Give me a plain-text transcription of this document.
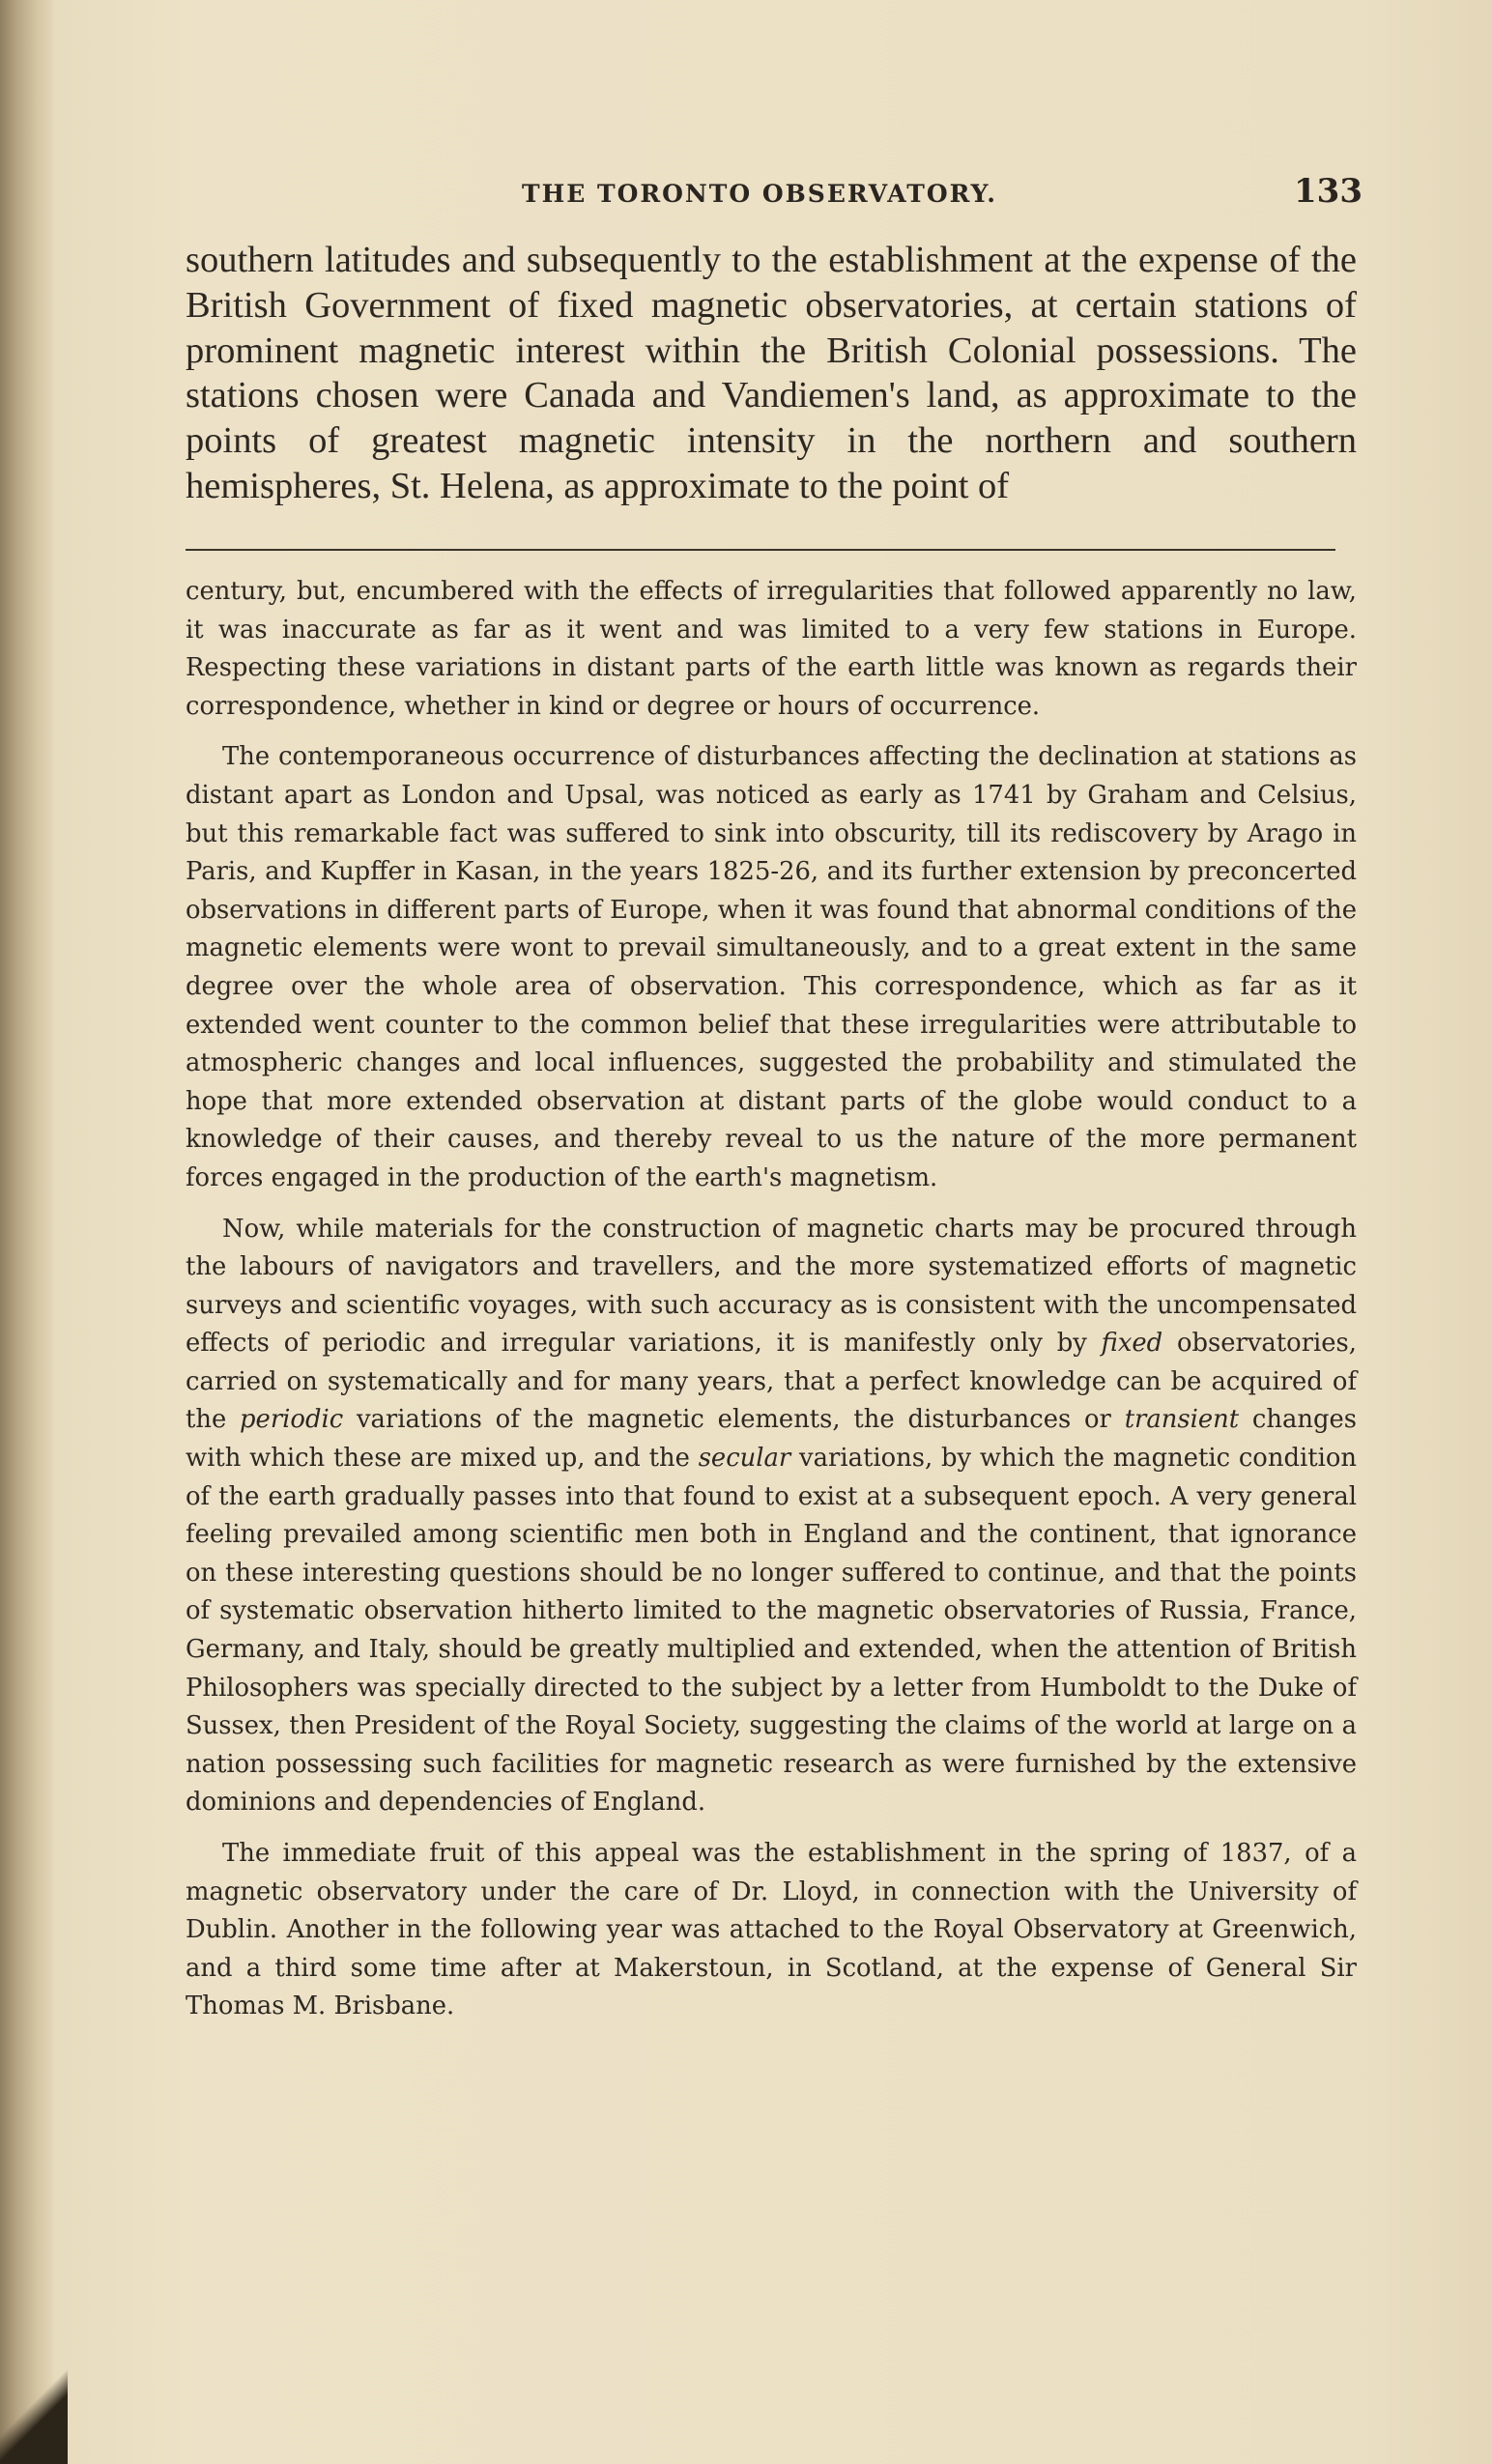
THE TORONTO OBSERVATORY.	133

southern latitudes and subsequently to the establishment at the expense of the British Government of fixed magnetic observatories, at certain stations of prominent magnetic interest within the British Colonial possessions. The stations chosen were Canada and Vandiemen's land, as approximate to the points of greatest magnetic intensity in the northern and southern hemispheres, St. Helena, as approximate to the point of

century, but, encumbered with the effects of irregularities that followed apparently no law, it was inaccurate as far as it went and was limited to a very few stations in Europe. Respecting these variations in distant parts of the earth little was known as regards their correspondence, whether in kind or degree or hours of occurrence.

The contemporaneous occurrence of disturbances affecting the declination at stations as distant apart as London and Upsal, was noticed as early as 1741 by Graham and Celsius, but this remarkable fact was suffered to sink into obscurity, till its rediscovery by Arago in Paris, and Kupffer in Kasan, in the years 1825-26, and its further extension by preconcerted observations in different parts of Europe, when it was found that abnormal conditions of the magnetic elements were wont to prevail simultaneously, and to a great extent in the same degree over the whole area of observation. This correspondence, which as far as it extended went counter to the common belief that these irregularities were attributable to atmospheric changes and local influences, suggested the probability and stimulated the hope that more extended observation at distant parts of the globe would conduct to a knowledge of their causes, and thereby reveal to us the nature of the more permanent forces engaged in the production of the earth's magnetism.

Now, while materials for the construction of magnetic charts may be procured through the labours of navigators and travellers, and the more systematized efforts of magnetic surveys and scientific voyages, with such accuracy as is consistent with the uncompensated effects of periodic and irregular variations, it is manifestly only by fixed observatories, carried on systematically and for many years, that a perfect knowledge can be acquired of the periodic variations of the magnetic elements, the disturbances or transient changes with which these are mixed up, and the secular variations, by which the magnetic condition of the earth gradually passes into that found to exist at a subsequent epoch. A very general feeling prevailed among scientific men both in England and the continent, that ignorance on these interesting questions should be no longer suffered to continue, and that the points of systematic observation hitherto limited to the magnetic observatories of Russia, France, Germany, and Italy, should be greatly multiplied and extended, when the attention of British Philosophers was specially directed to the subject by a letter from Humboldt to the Duke of Sussex, then President of the Royal Society, suggesting the claims of the world at large on a nation possessing such facilities for magnetic research as were furnished by the extensive dominions and dependencies of England.

The immediate fruit of this appeal was the establishment in the spring of 1837, of a magnetic observatory under the care of Dr. Lloyd, in connection with the University of Dublin. Another in the following year was attached to the Royal Observatory at Greenwich, and a third some time after at Makerstoun, in Scotland, at the expense of General Sir Thomas M. Brisbane.
